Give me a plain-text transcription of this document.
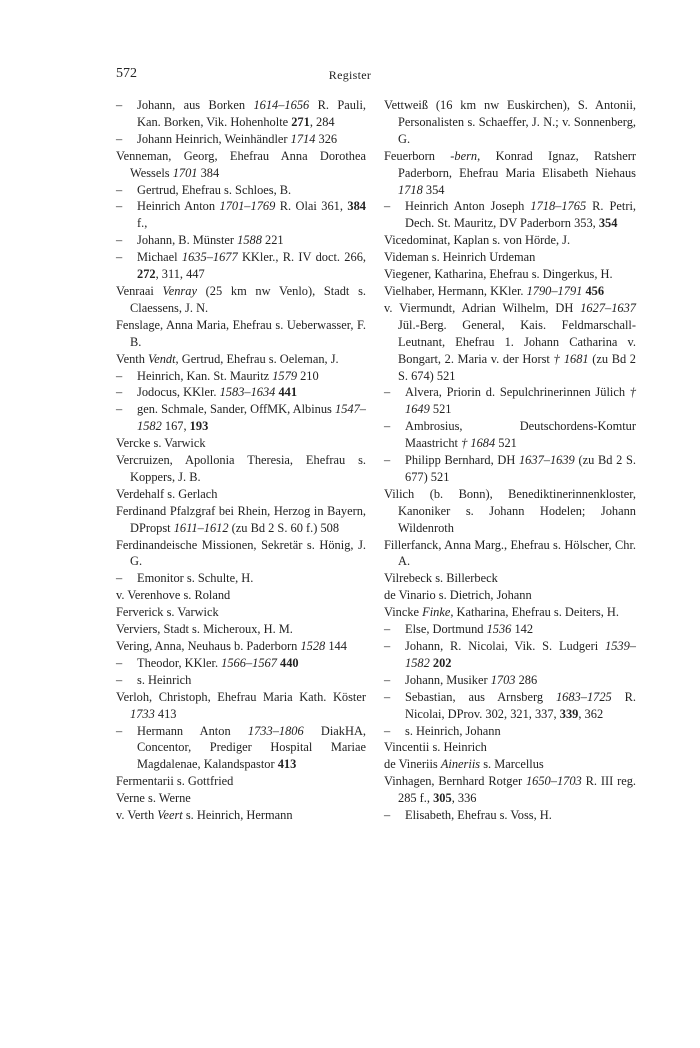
572	Register
– Johann, aus Borken 1614–1656 R. Pauli, Kan. Borken, Vik. Hohenholte 271, 284
– Johann Heinrich, Weinhändler 1714 326
Venneman, Georg, Ehefrau Anna Dorothea Wessels 1701 384
– Gertrud, Ehefrau s. Schloes, B.
– Heinrich Anton 1701–1769 R. Olai 361, 384 f.,
– Johann, B. Münster 1588 221
– Michael 1635–1677 KKler., R. IV doct. 266, 272, 311, 447
Venraai Venray (25 km nw Venlo), Stadt s. Claessens, J. N.
Fenslage, Anna Maria, Ehefrau s. Ueberwasser, F. B.
Venth Vendt, Gertrud, Ehefrau s. Oeleman, J.
– Heinrich, Kan. St. Mauritz 1579 210
– Jodocus, KKler. 1583–1634 441
– gen. Schmale, Sander, OffMK, Albinus 1547–1582 167, 193
Vercke s. Varwick
Vercruizen, Apollonia Theresia, Ehefrau s. Koppers, J. B.
Verdehalf s. Gerlach
Ferdinand Pfalzgraf bei Rhein, Herzog in Bayern, DPropst 1611–1612 (zu Bd 2 S. 60 f.) 508
Ferdinandeische Missionen, Sekretär s. Hönig, J. G.
– Emonitor s. Schulte, H.
v. Verenhove s. Roland
Ferverick s. Varwick
Verviers, Stadt s. Micheroux, H. M.
Vering, Anna, Neuhaus b. Paderborn 1528 144
– Theodor, KKler. 1566–1567 440
– s. Heinrich
Verloh, Christoph, Ehefrau Maria Kath. Köster 1733 413
– Hermann Anton 1733–1806 DiakHA, Concentor, Prediger Hospital Mariae Magdalenae, Kalandspastor 413
Fermentarii s. Gottfried
Verne s. Werne
v. Verth Veert s. Heinrich, Hermann
Vettweiß (16 km nw Euskirchen), S. Antonii, Personalisten s. Schaeffer, J. N.; v. Sonnenberg, G.
Feuerborn -bern, Konrad Ignaz, Ratsherr Paderborn, Ehefrau Maria Elisabeth Niehaus 1718 354
– Heinrich Anton Joseph 1718–1765 R. Petri, Dech. St. Mauritz, DV Paderborn 353, 354
Vicedominat, Kaplan s. von Hörde, J.
Videman s. Heinrich Urdeman
Viegener, Katharina, Ehefrau s. Dingerkus, H.
Vielhaber, Hermann, KKler. 1790–1791 456
v. Viermundt, Adrian Wilhelm, DH 1627–1637 Jül.-Berg. General, Kais. Feldmarschall-Leutnant, Ehefrau 1. Johann Catharina v. Bongart, 2. Maria v. der Horst † 1681 (zu Bd 2 S. 674) 521
– Alvera, Priorin d. Sepulchrinerinnen Jülich † 1649 521
– Ambrosius, Deutschordens-Komtur Maastricht † 1684 521
– Philipp Bernhard, DH 1637–1639 (zu Bd 2 S. 677) 521
Vilich (b. Bonn), Benediktinerinnenkloster, Kanoniker s. Johann Hodelen; Johann Wildenroth
Fillerfanck, Anna Marg., Ehefrau s. Hölscher, Chr. A.
Vilrebeck s. Billerbeck
de Vinario s. Dietrich, Johann
Vincke Finke, Katharina, Ehefrau s. Deiters, H.
– Else, Dortmund 1536 142
– Johann, R. Nicolai, Vik. S. Ludgeri 1539–1582 202
– Johann, Musiker 1703 286
– Sebastian, aus Arnsberg 1683–1725 R. Nicolai, DProv. 302, 321, 337, 339, 362
– s. Heinrich, Johann
Vincentii s. Heinrich
de Vineriis Aineriis s. Marcellus
Vinhagen, Bernhard Rotger 1650–1703 R. III reg. 285 f., 305, 336
– Elisabeth, Ehefrau s. Voss, H.
